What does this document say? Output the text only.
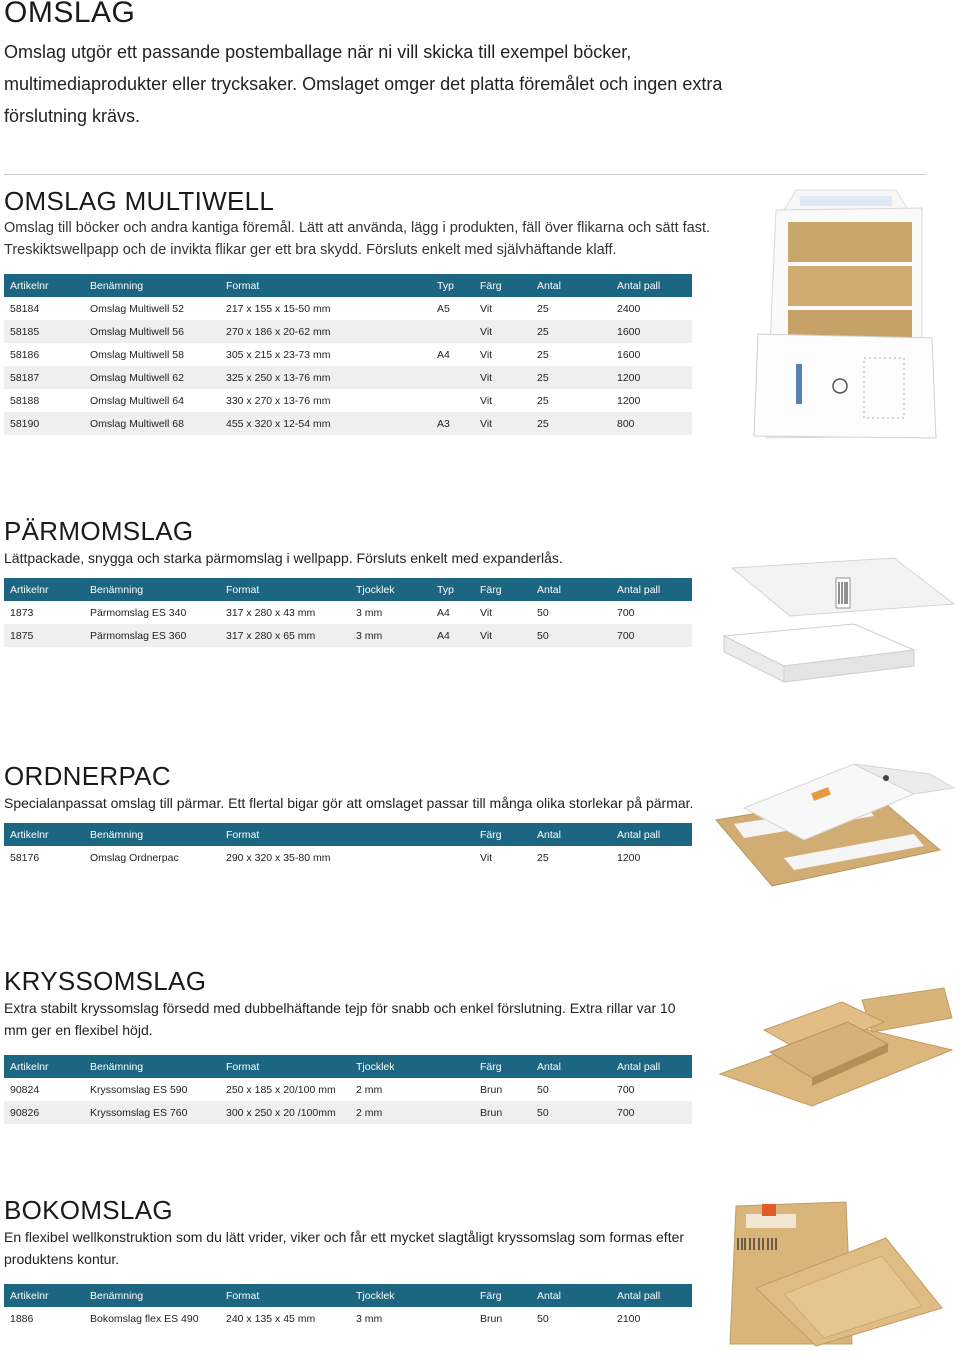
OMSLAG
Omslag utgör ett passande postemballage när ni vill skicka till exempel böcker,
multimediaprodukter eller trycksaker. Omslaget omger det platta föremålet och ingen extra
förslutning krävs.
OMSLAG MULTIWELL
Omslag till böcker och andra kantiga föremål. Lätt att använda, lägg i produkten, fäll över flikarna och sätt fast.
Treskiktswellpapp och de invikta flikar ger ett bra skydd. Försluts enkelt med självhäftande klaff.
Artikelnr	Benämning	Format	Typ	Färg	Antal	Antal pall
58184	Omslag Multiwell 52	217 x 155 x 15-50 mm	A5	Vit	25	2400
58185	Omslag Multiwell 56	270 x 186 x 20-62 mm		Vit	25	1600
58186	Omslag Multiwell 58	305 x 215 x 23-73 mm	A4	Vit	25	1600
58187	Omslag Multiwell 62	325 x 250 x 13-76 mm		Vit	25	1200
58188	Omslag Multiwell 64	330 x 270 x 13-76 mm		Vit	25	1200
58190	Omslag Multiwell 68	455 x 320 x 12-54 mm	A3	Vit	25	800
PÄRMOMSLAG
Lättpackade, snygga och starka pärmomslag i wellpapp. Försluts enkelt med expanderlås.
Artikelnr	Benämning	Format	Tjocklek	Typ	Färg	Antal	Antal pall
1873	Pärmomslag ES 340	317 x 280 x 43 mm	3 mm	A4	Vit	50	700
1875	Pärmomslag ES 360	317 x 280 x 65 mm	3 mm	A4	Vit	50	700
ORDNERPAC
Specialanpassat omslag till pärmar. Ett flertal bigar gör att omslaget passar till många olika storlekar på pärmar.
Artikelnr	Benämning	Format	Färg	Antal	Antal pall
58176	Omslag Ordnerpac	290 x 320 x 35-80 mm	Vit	25	1200
KRYSSOMSLAG
Extra stabilt kryssomslag försedd med dubbelhäftande tejp för snabb och enkel förslutning. Extra rillar var 10
mm ger en flexibel höjd.
Artikelnr	Benämning	Format	Tjocklek	Färg	Antal	Antal pall
90824	Kryssomslag ES 590	250 x 185 x 20/100 mm	2 mm	Brun	50	700
90826	Kryssomslag ES 760	300 x 250 x 20 /100mm	2 mm	Brun	50	700
BOKOMSLAG
En flexibel wellkonstruktion som du lätt vrider, viker och får ett mycket slagtåligt kryssomslag som formas efter
produktens kontur.
Artikelnr	Benämning	Format	Tjocklek	Färg	Antal	Antal pall
1886	Bokomslag flex ES 490	240 x 135 x 45 mm	3 mm	Brun	50	2100
